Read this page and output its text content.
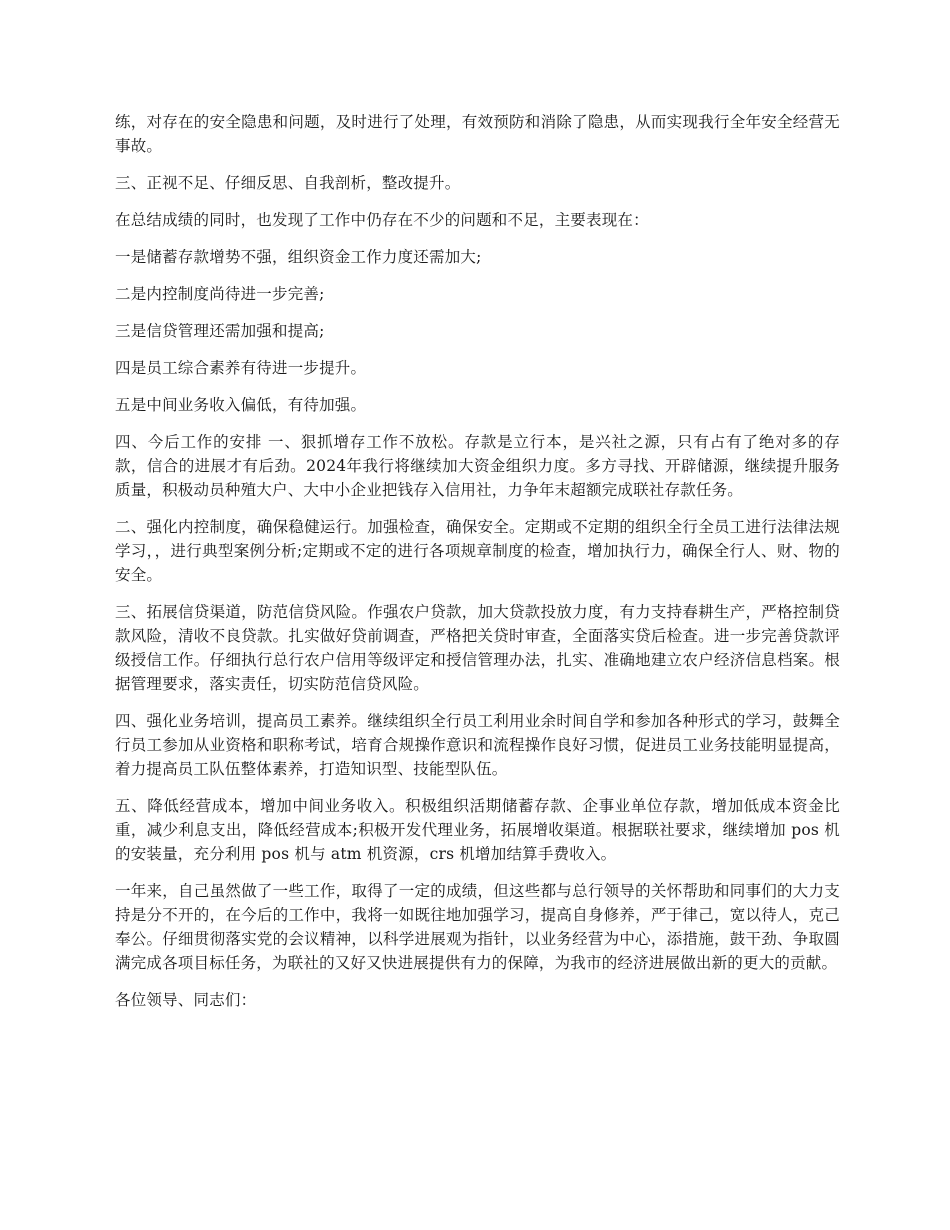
练，对存在的安全隐患和问题，及时进行了处理，有效预防和消除了隐患，从而实现我行全年安全经营无事故。

三、正视不足、仔细反思、自我剖析，整改提升。

在总结成绩的同时，也发现了工作中仍存在不少的问题和不足，主要表现在：

一是储蓄存款增势不强，组织资金工作力度还需加大;

二是内控制度尚待进一步完善;

三是信贷管理还需加强和提高;

四是员工综合素养有待进一步提升。

五是中间业务收入偏低，有待加强。

四、今后工作的安排 一、狠抓增存工作不放松。存款是立行本，是兴社之源，只有占有了绝对多的存款，信合的进展才有后劲。2024年我行将继续加大资金组织力度。多方寻找、开辟储源，继续提升服务质量，积极动员种殖大户、大中小企业把钱存入信用社，力争年末超额完成联社存款任务。

二、强化内控制度，确保稳健运行。加强检查，确保安全。定期或不定期的组织全行全员工进行法律法规学习，，进行典型案例分析;定期或不定的进行各项规章制度的检查，增加执行力，确保全行人、财、物的安全。

三、拓展信贷渠道，防范信贷风险。作强农户贷款，加大贷款投放力度，有力支持春耕生产，严格控制贷款风险，清收不良贷款。扎实做好贷前调查，严格把关贷时审查，全面落实贷后检查。进一步完善贷款评级授信工作。仔细执行总行农户信用等级评定和授信管理办法，扎实、准确地建立农户经济信息档案。根据管理要求，落实责任，切实防范信贷风险。

四、强化业务培训，提高员工素养。继续组织全行员工利用业余时间自学和参加各种形式的学习，鼓舞全行员工参加从业资格和职称考试，培育合规操作意识和流程操作良好习惯，促进员工业务技能明显提高，着力提高员工队伍整体素养，打造知识型、技能型队伍。

五、降低经营成本，增加中间业务收入。积极组织活期储蓄存款、企事业单位存款，增加低成本资金比重，减少利息支出，降低经营成本;积极开发代理业务，拓展增收渠道。根据联社要求，继续增加 pos 机的安装量，充分利用 pos 机与 atm 机资源，crs 机增加结算手费收入。

一年来，自己虽然做了一些工作，取得了一定的成绩，但这些都与总行领导的关怀帮助和同事们的大力支持是分不开的，在今后的工作中，我将一如既往地加强学习，提高自身修养，严于律己，宽以待人，克己奉公。仔细贯彻落实党的会议精神，以科学进展观为指针，以业务经营为中心，添措施，鼓干劲、争取圆满完成各项目标任务，为联社的又好又快进展提供有力的保障，为我市的经济进展做出新的更大的贡献。

各位领导、同志们：
